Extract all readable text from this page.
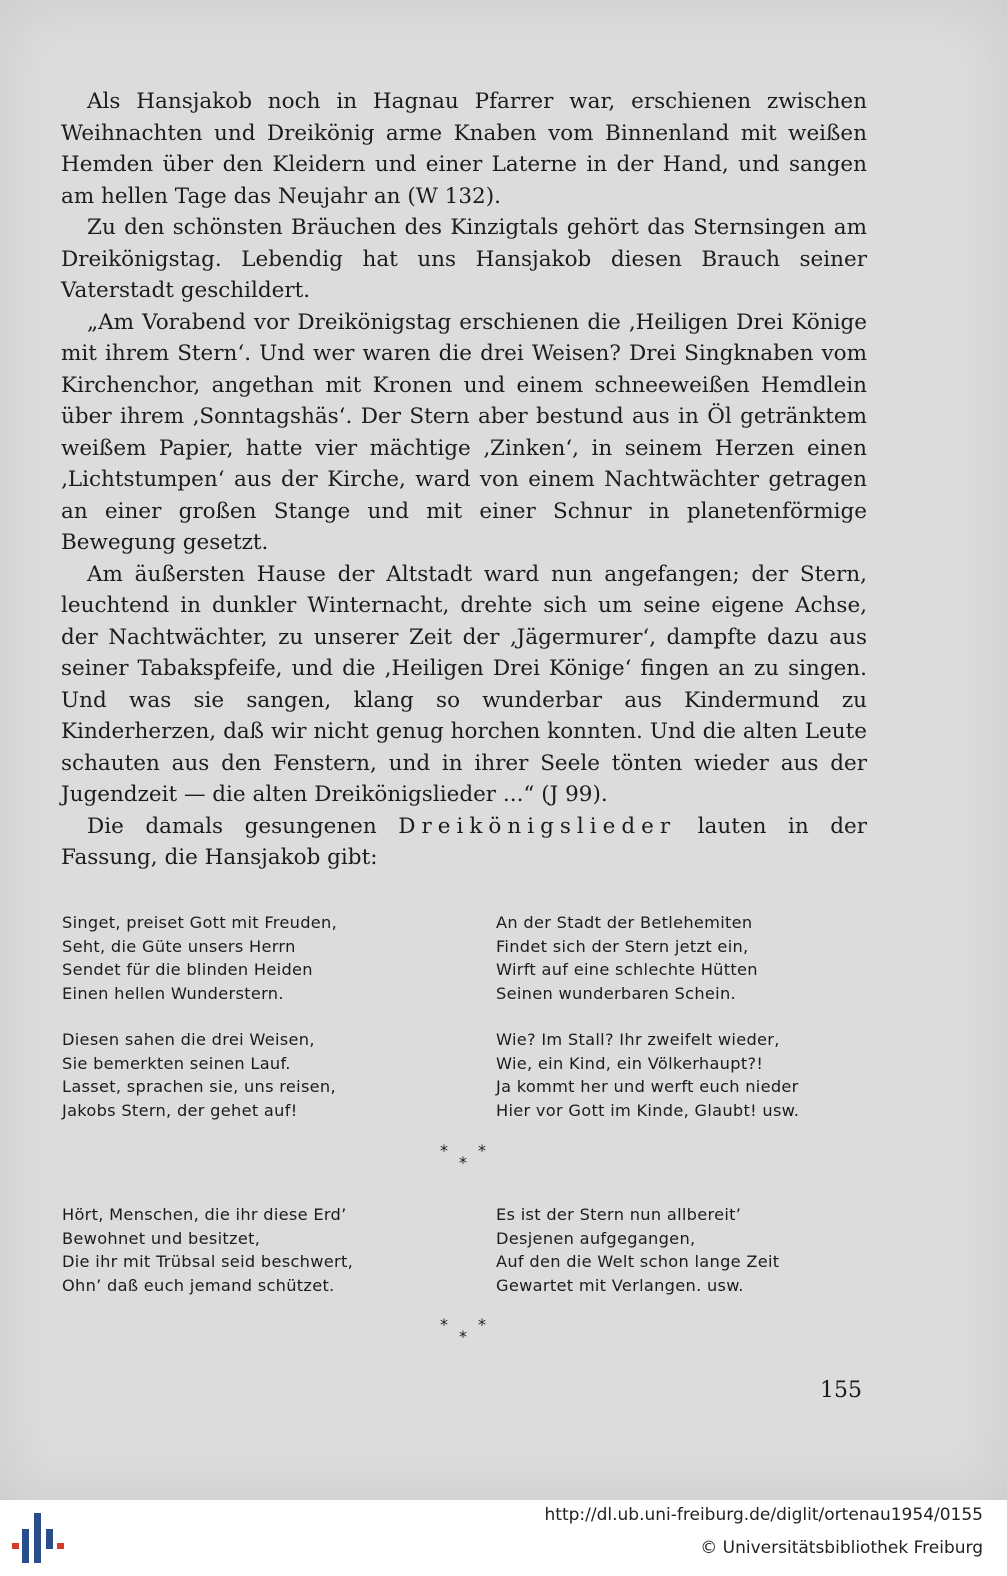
Als Hansjakob noch in Hagnau Pfarrer war, erschienen zwischen Weihnachten und Dreikönig arme Knaben vom Binnenland mit weißen Hemden über den Kleidern und einer Laterne in der Hand, und sangen am hellen Tage das Neujahr an (W 132).

Zu den schönsten Bräuchen des Kinzigtals gehört das Sternsingen am Dreikönigstag. Lebendig hat uns Hansjakob diesen Brauch seiner Vaterstadt geschildert.

„Am Vorabend vor Dreikönigstag erschienen die ‚Heiligen Drei Könige mit ihrem Stern‘. Und wer waren die drei Weisen? Drei Singknaben vom Kirchenchor, angethan mit Kronen und einem schneeweißen Hemdlein über ihrem ‚Sonntagshäs‘. Der Stern aber bestund aus in Öl getränktem weißem Papier, hatte vier mächtige ‚Zinken‘, in seinem Herzen einen ‚Lichtstumpen‘ aus der Kirche, ward von einem Nachtwächter getragen an einer großen Stange und mit einer Schnur in planetenförmige Bewegung gesetzt.

Am äußersten Hause der Altstadt ward nun angefangen; der Stern, leuchtend in dunkler Winternacht, drehte sich um seine eigene Achse, der Nachtwächter, zu unserer Zeit der ‚Jägermurer‘, dampfte dazu aus seiner Tabakspfeife, und die ‚Heiligen Drei Könige‘ fingen an zu singen. Und was sie sangen, klang so wunderbar aus Kindermund zu Kinderherzen, daß wir nicht genug horchen konnten. Und die alten Leute schauten aus den Fenstern, und in ihrer Seele tönten wieder aus der Jugendzeit — die alten Dreikönigslieder ...“ (J 99).

Die damals gesungenen Dreikönigslieder lauten in der Fassung, die Hansjakob gibt:

Singet, preiset Gott mit Freuden,
Seht, die Güte unsers Herrn
Sendet für die blinden Heiden
Einen hellen Wunderstern.
Diesen sahen die drei Weisen,
Sie bemerkten seinen Lauf.
Lasset, sprachen sie, uns reisen,
Jakobs Stern, der gehet auf!
An der Stadt der Betlehemiten
Findet sich der Stern jetzt ein,
Wirft auf eine schlechte Hütten
Seinen wunderbaren Schein.
Wie? Im Stall? Ihr zweifelt wieder,
Wie, ein Kind, ein Völkerhaupt?!
Ja kommt her und werft euch nieder
Hier vor Gott im Kinde, Glaubt! usw.
* *
*
Hört, Menschen, die ihr diese Erd’
Bewohnet und besitzet,
Die ihr mit Trübsal seid beschwert,
Ohn’ daß euch jemand schützet.
Es ist der Stern nun allbereit’
Desjenen aufgegangen,
Auf den die Welt schon lange Zeit
Gewartet mit Verlangen. usw.
* *
*
155
http://dl.ub.uni-freiburg.de/diglit/ortenau1954/0155
© Universitätsbibliothek Freiburg
